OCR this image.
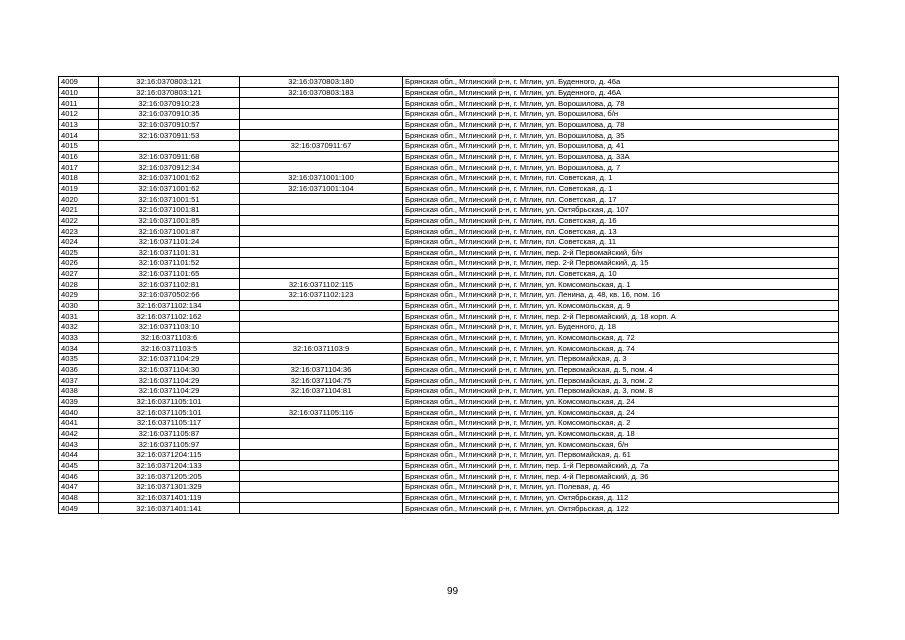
4009	32:16:0370803:121	32:16:0370803:180	Брянская обл., Мглинский р-н, г. Мглин, ул. Буденного, д. 46а
4010	32:16:0370803:121	32:16:0370803:183	Брянская обл., Мглинский р-н, г. Мглин, ул. Буденного, д. 46А
4011	32:16:0370910:23		Брянская обл., Мглинский р-н, г. Мглин, ул. Ворошилова, д. 78
4012	32:16:0370910:35		Брянская обл., Мглинский р-н, г. Мглин, ул. Ворошилова, б/н
4013	32:16:0370910:57		Брянская обл., Мглинский р-н, г. Мглин, ул. Ворошилова, д. 78
4014	32:16:0370911:53		Брянская обл., Мглинский р-н, г. Мглин, ул. Ворошилова, д. 35
4015		32:16:0370911:67	Брянская обл., Мглинский р-н, г. Мглин, ул. Ворошилова, д. 41
4016	32:16:0370911:68		Брянская обл., Мглинский р-н, г. Мглин, ул. Ворошилова, д. 33А
4017	32:16:0370912:34		Брянская обл., Мглинский р-н, г. Мглин, ул. Ворошилова, д. 7
4018	32:16:0371001:62	32:16:0371001:100	Брянская обл., Мглинский р-н, г. Мглин, пл. Советская, д. 1
4019	32:16:0371001:62	32:16:0371001:104	Брянская обл., Мглинский р-н, г. Мглин, пл. Советская, д. 1
4020	32:16:0371001:51		Брянская обл., Мглинский р-н, г. Мглин, пл. Советская, д. 17
4021	32:16:0371001:81		Брянская обл., Мглинский р-н, г. Мглин, ул. Октябрьская, д. 107
4022	32:16:0371001:85		Брянская обл., Мглинский р-н, г. Мглин, пл. Советская, д. 16
4023	32:16:0371001:87		Брянская обл., Мглинский р-н, г. Мглин, пл. Советская, д. 13
4024	32:16:0371101:24		Брянская обл., Мглинский р-н, г. Мглин, пл. Советская, д. 11
4025	32:16:0371101:31		Брянская обл., Мглинский р-н, г. Мглин, пер. 2-й Первомайский, б/н
4026	32:16:0371101:52		Брянская обл., Мглинский р-н, г. Мглин, пер. 2-й Первомайский, д. 15
4027	32:16:0371101:65		Брянская обл., Мглинский р-н, г. Мглин, пл. Советская, д. 10
4028	32:16:0371102:81	32:16:0371102:115	Брянская обл., Мглинский р-н, г. Мглин, ул. Комсомольская, д. 1
4029	32:16:0370502:66	32:16:0371102:123	Брянская обл., Мглинский р-н, г. Мглин, ул. Ленина, д. 48, кв. 16, пом. 16
4030	32:16:0371102:134		Брянская обл., Мглинский р-н, г. Мглин, ул. Комсомольская, д. 9
4031	32:16:0371102:162		Брянская обл., Мглинский р-н, г. Мглин, пер. 2-й Первомайский, д. 18 корп. А
4032	32:16:0371103:10		Брянская обл., Мглинский р-н, г. Мглин, ул. Буденного, д. 18
4033	32:16:0371103:6		Брянская обл., Мглинский р-н, г. Мглин, ул. Комсомольская, д. 72
4034	32:16:0371103:5	32:16:0371103:9	Брянская обл., Мглинский р-н, г. Мглин, ул. Комсомольская, д. 74
4035	32:16:0371104:29		Брянская обл., Мглинский р-н, г. Мглин, ул. Первомайская, д. 3
4036	32:16:0371104:30	32:16:0371104:36	Брянская обл., Мглинский р-н, г. Мглин, ул. Первомайская, д. 5, пом. 4
4037	32:16:0371104:29	32:16:0371104:75	Брянская обл., Мглинский р-н, г. Мглин, ул. Первомайская, д. 3, пом. 2
4038	32:16:0371104:29	32:16:0371104:81	Брянская обл., Мглинский р-н, г. Мглин, ул. Первомайская, д. 3, пом. 8
4039	32:16:0371105:101		Брянская обл., Мглинский р-н, г. Мглин, ул. Комсомольская, д. 24
4040	32:16:0371105:101	32:16:0371105:116	Брянская обл., Мглинский р-н, г. Мглин, ул. Комсомольская, д. 24
4041	32:16:0371105:117		Брянская обл., Мглинский р-н, г. Мглин, ул. Комсомольская, д. 2
4042	32:16:0371105:87		Брянская обл., Мглинский р-н, г. Мглин, ул. Комсомольская, д. 18
4043	32:16:0371105:97		Брянская обл., Мглинский р-н, г. Мглин, ул. Комсомольская, б/н
4044	32:16:0371204:115		Брянская обл., Мглинский р-н, г. Мглин, ул. Первомайская, д. 61
4045	32:16:0371204:133		Брянская обл., Мглинский р-н, г. Мглин, пер. 1-й Первомайский, д. 7а
4046	32:16:0371205:205		Брянская обл., Мглинский р-н, г. Мглин, пер. 4-й Первомайский, д. 36
4047	32:16:0371301:329		Брянская обл., Мглинский р-н, г. Мглин, ул. Полевая, д. 46
4048	32:16:0371401:119		Брянская обл., Мглинский р-н, г. Мглин, ул. Октябрьская, д. 112
4049	32:16:0371401:141		Брянская обл., Мглинский р-н, г. Мглин, ул. Октябрьская, д. 122
99
